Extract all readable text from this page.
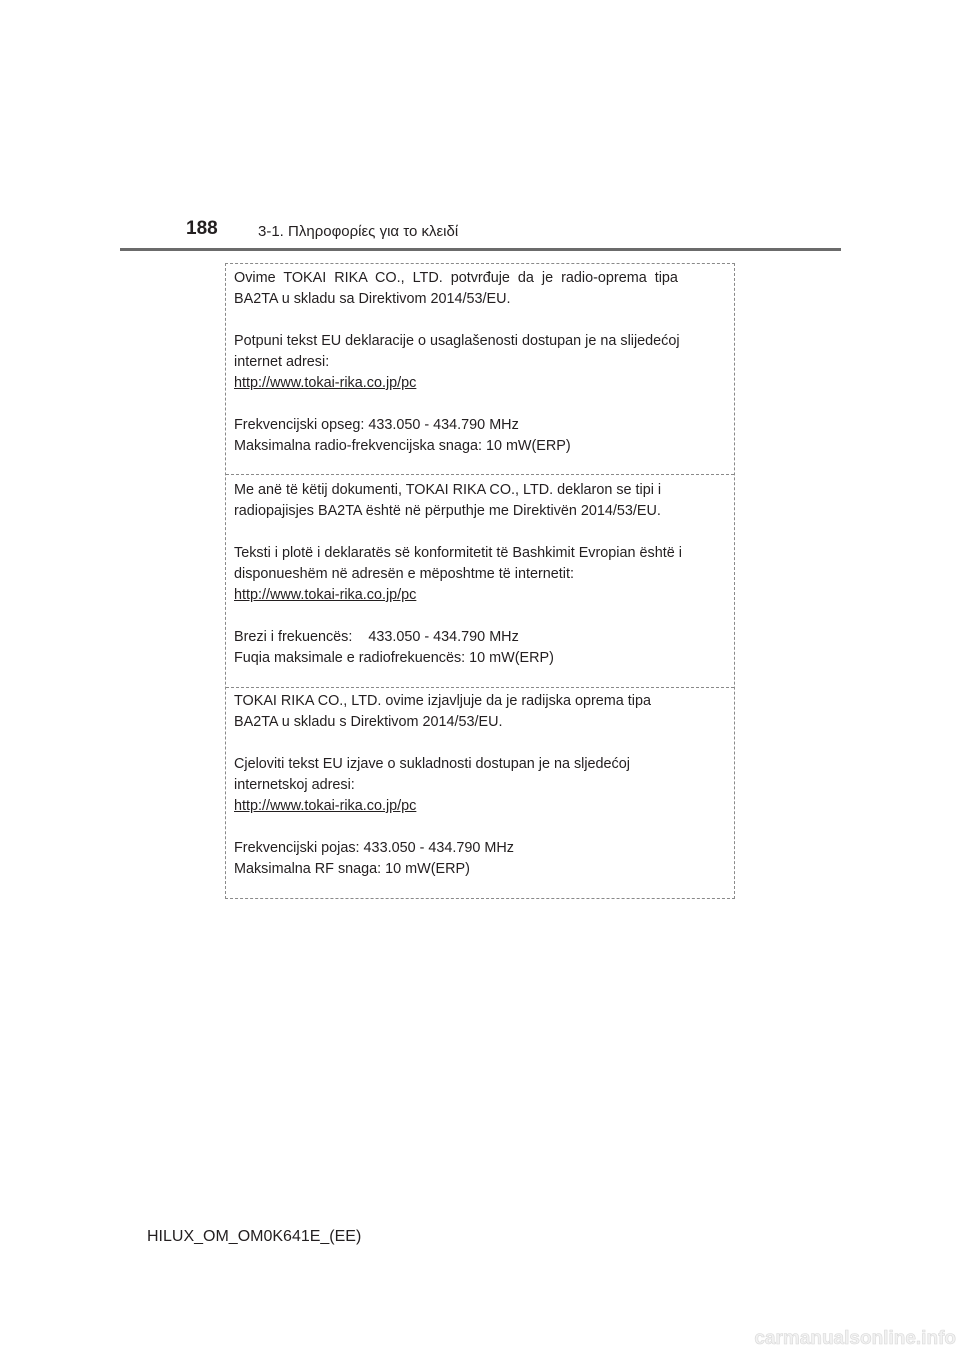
188	3-1. Πληροφορίες για το κλειδί
Ovime TOKAI RIKA CO., LTD. potvrđuje da je radio-oprema tipa
BA2TA u skladu sa Direktivom 2014/53/EU.
Potpuni tekst EU deklaracije o usaglašenosti dostupan je na slijedećoj
internet adresi:
http://www.tokai-rika.co.jp/pc
Frekvencijski opseg: 433.050 - 434.790 MHz
Maksimalna radio-frekvencijska snaga: 10 mW(ERP)
Me anë të këtij dokumenti, TOKAI RIKA CO., LTD. deklaron se tipi i
radiopajisjes BA2TA është në përputhje me Direktivën 2014/53/EU.
Teksti i plotë i deklaratës së konformitetit të Bashkimit Evropian është i
disponueshëm në adresën e mëposhtme të internetit:
http://www.tokai-rika.co.jp/pc
Brezi i frekuencës:    433.050 - 434.790 MHz
Fuqia maksimale e radiofrekuencës: 10 mW(ERP)
TOKAI RIKA CO., LTD. ovime izjavljuje da je radijska oprema tipa
BA2TA u skladu s Direktivom 2014/53/EU.
Cjeloviti tekst EU izjave o sukladnosti dostupan je na sljedećoj
internetskoj adresi:
http://www.tokai-rika.co.jp/pc
Frekvencijski pojas: 433.050 - 434.790 MHz
Maksimalna RF snaga: 10 mW(ERP)
HILUX_OM_OM0K641E_(EE)
carmanualsonline.info
